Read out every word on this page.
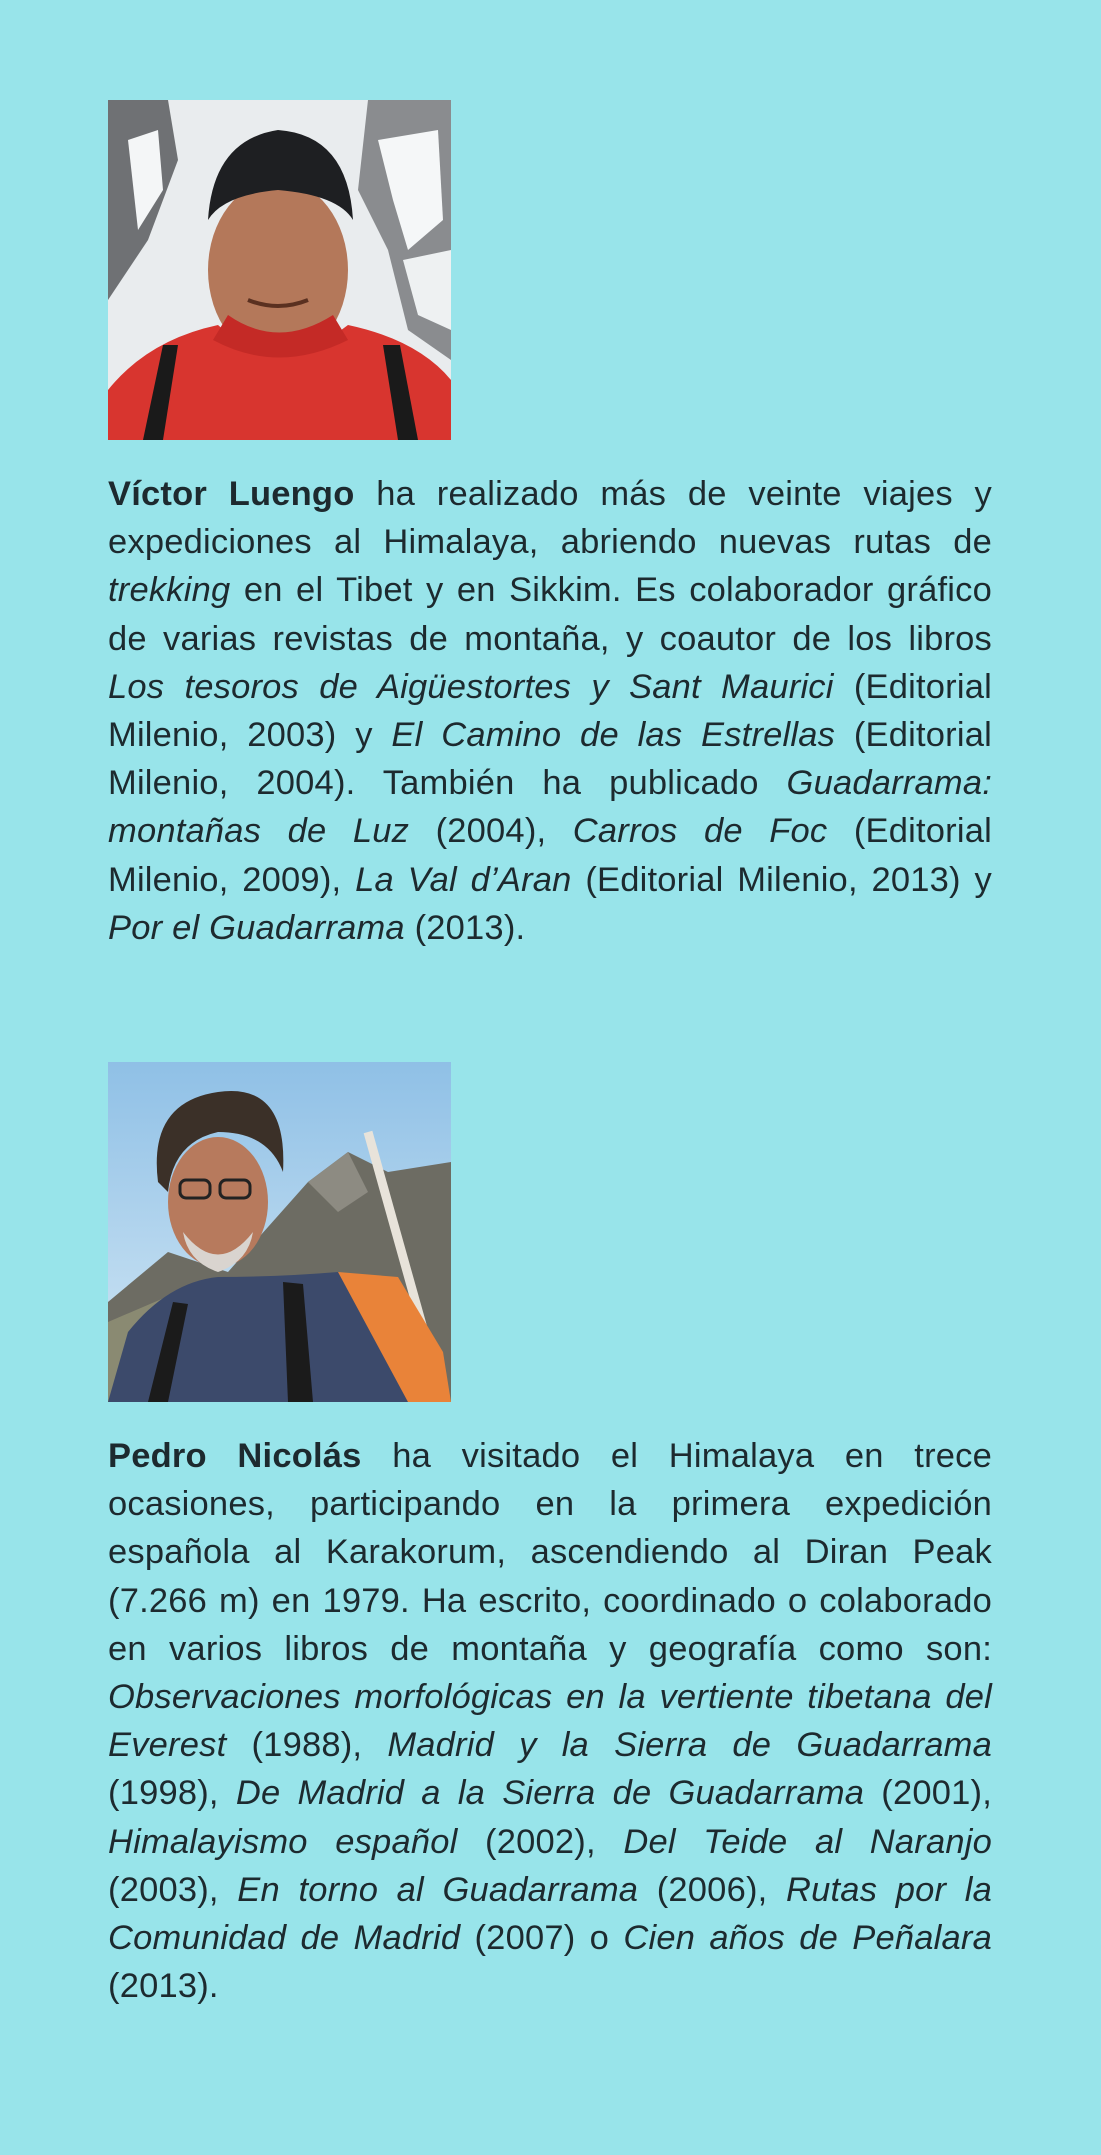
Víctor Luengo ha realizado más de veinte viajes y expediciones al Himalaya, abriendo nuevas rutas de trekking en el Tibet y en Sikkim. Es colaborador gráfico de varias revistas de montaña, y coautor de los libros Los tesoros de Aigüestortes y Sant Maurici (Editorial Milenio, 2003) y El Camino de las Estrellas (Editorial Milenio, 2004). También ha publicado Guadarrama: montañas de Luz (2004), Carros de Foc (Editorial Milenio, 2009), La Val d’Aran (Editorial Milenio, 2013) y Por el Guadarrama (2013).

Pedro Nicolás ha visitado el Himalaya en trece ocasiones, participando en la primera expedición española al Karakorum, ascendiendo al Diran Peak (7.266 m) en 1979. Ha escrito, coordinado o colaborado en varios libros de montaña y geografía como son: Observaciones morfológicas en la vertiente tibetana del Everest (1988), Madrid y la Sierra de Guadarrama (1998), De Madrid a la Sierra de Guadarrama (2001), Himalayismo español (2002), Del Teide al Naranjo (2003), En torno al Guadarrama (2006), Rutas por la Comunidad de Madrid (2007) o Cien años de Peñalara (2013).
